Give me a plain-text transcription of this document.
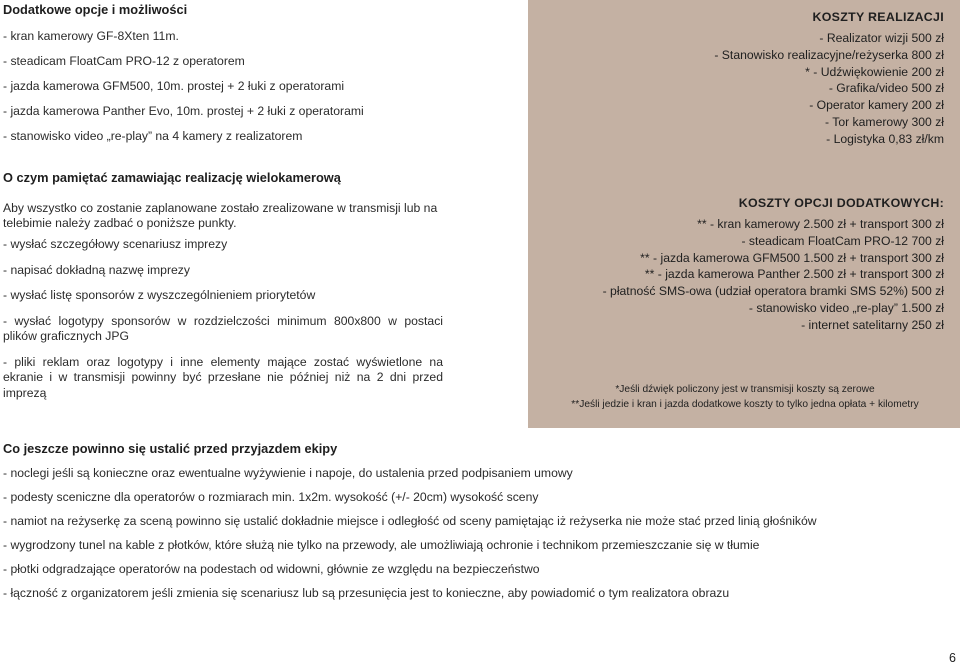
Dodatkowe opcje i możliwości
- kran kamerowy GF-8Xten 11m.
- steadicam FloatCam PRO-12 z operatorem
- jazda kamerowa GFM500, 10m. prostej + 2 łuki z operatorami
- jazda kamerowa Panther Evo, 10m. prostej + 2 łuki z operatorami
- stanowisko video „re-play” na 4 kamery z realizatorem
O czym pamiętać zamawiając realizację wielokamerową
Aby wszystko co zostanie zaplanowane zostało zrealizowane w transmisji lub na telebimie należy zadbać o poniższe punkty.
- wysłać szczegółowy scenariusz imprezy
- napisać dokładną nazwę imprezy
- wysłać listę sponsorów z wyszczególnieniem priorytetów
- wysłać logotypy sponsorów w rozdzielczości minimum 800x800 w postaci plików graficznych JPG
- pliki reklam oraz logotypy i inne elementy mające zostać wyświetlone na ekranie i w transmisji powinny być przesłane nie później niż na 2 dni przed imprezą
Co jeszcze powinno się ustalić przed przyjazdem ekipy
- noclegi jeśli są konieczne oraz ewentualne wyżywienie i napoje, do ustalenia przed podpisaniem umowy
- podesty sceniczne dla operatorów o rozmiarach min. 1x2m. wysokość (+/- 20cm) wysokość sceny
- namiot na reżyserkę za sceną powinno się ustalić dokładnie miejsce i odległość od sceny pamiętając iż reżyserka nie może stać przed linią głośników
- wygrodzony tunel na kable z płotków, które służą nie tylko na przewody, ale umożliwiają ochronie i technikom przemieszczanie się w tłumie
- płotki odgradzające operatorów na podestach od widowni, głównie ze względu na bezpieczeństwo
- łączność z organizatorem jeśli zmienia się scenariusz lub są przesunięcia jest to konieczne, aby powiadomić o tym realizatora obrazu
KOSZTY REALIZACJI
- Realizator wizji 500 zł
- Stanowisko realizacyjne/reżyserka 800 zł
* - Udźwiękowienie 200 zł
- Grafika/video 500 zł
- Operator kamery 200 zł
- Tor kamerowy 300 zł
- Logistyka 0,83 zł/km
KOSZTY OPCJI DODATKOWYCH:
** - kran kamerowy 2.500 zł + transport 300 zł
- steadicam FloatCam PRO-12 700 zł
** - jazda kamerowa GFM500 1.500 zł + transport 300 zł
** - jazda kamerowa Panther 2.500 zł + transport 300 zł
- płatność SMS-owa (udział operatora bramki SMS 52%) 500 zł
- stanowisko video „re-play” 1.500 zł
- internet satelitarny 250 zł
*Jeśli dźwięk policzony jest w transmisji koszty są zerowe
**Jeśli jedzie i kran i jazda dodatkowe koszty to tylko jedna opłata + kilometry
6
